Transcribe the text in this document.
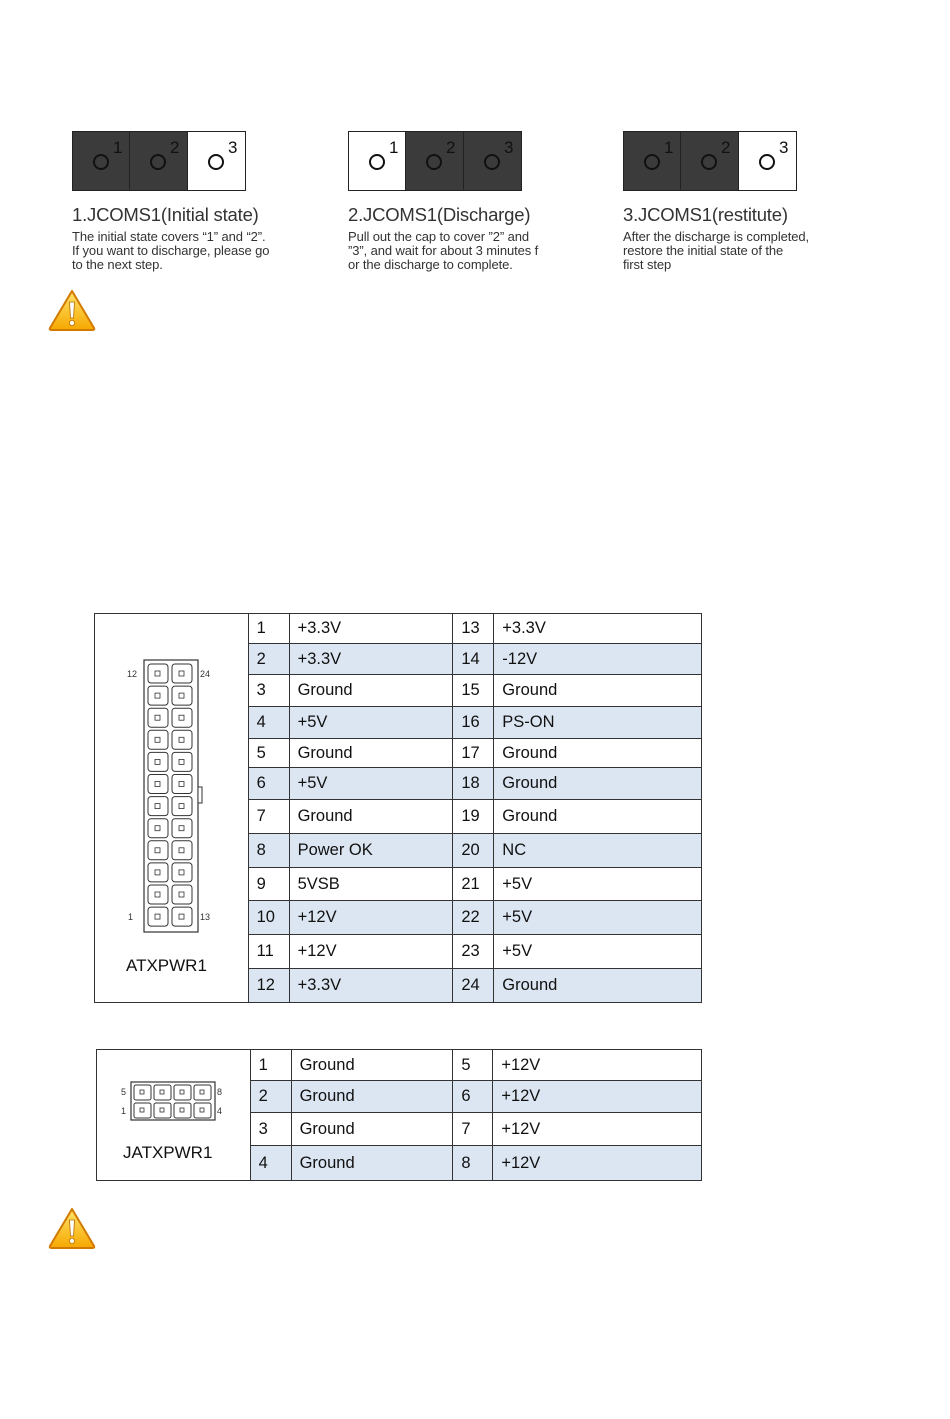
1	2	3
1.JCOMS1(Initial state)
The initial state covers “1” and “2”.
If you want to discharge, please go
to the next step.
1	2	3
2.JCOMS1(Discharge)
Pull out the cap to cover ”2” and
”3”, and wait for about 3 minutes f
or the discharge to complete.
1	2	3
3.JCOMS1(restitute)
After the discharge is completed,
restore the initial state of the
first step
12 24
1 13
ATXPWR1	1	+3.3V	13	+3.3V
	2	+3.3V	14	-12V
	3	Ground	15	Ground
	4	+5V	16	PS-ON
	5	Ground	17	Ground
	6	+5V	18	Ground
	7	Ground	19	Ground
	8	Power OK	20	NC
	9	5VSB	21	+5V
	10	+12V	22	+5V
	11	+12V	23	+5V
	12	+3.3V	24	Ground
5 8
1 4
JATXPWR1	1	Ground	5	+12V
	2	Ground	6	+12V
	3	Ground	7	+12V
	4	Ground	8	+12V
